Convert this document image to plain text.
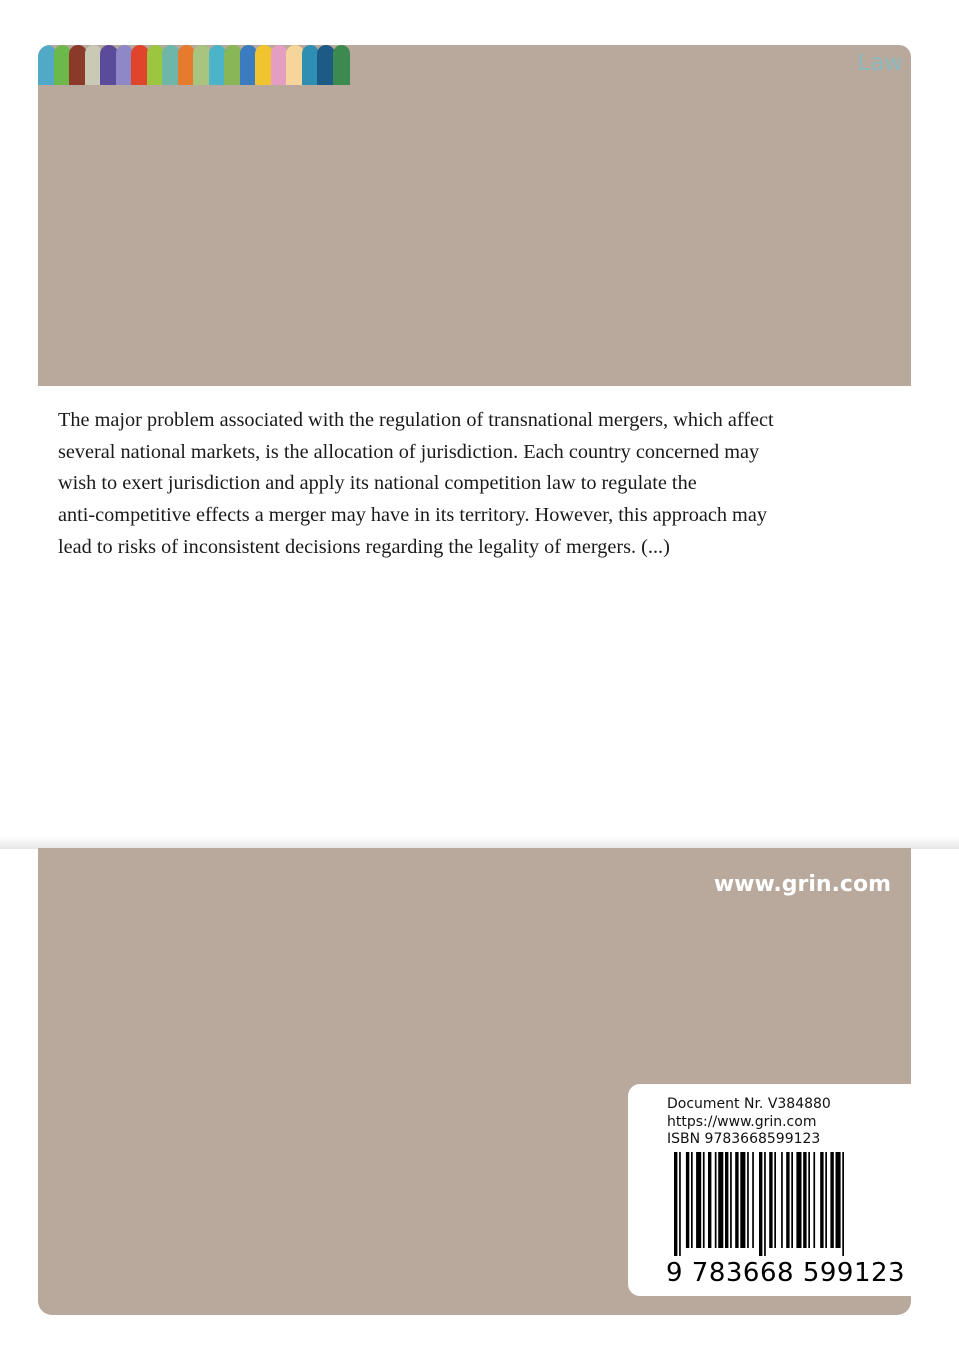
Law

The major problem associated with the regulation of transnational mergers, which affect

several national markets, is the allocation of jurisdiction. Each country concerned may

wish to exert jurisdiction and apply its national competition law to regulate the

anti-competitive effects a merger may have in its territory. However, this approach may

lead to risks of inconsistent decisions regarding the legality of mergers. (...)

www.grin.com
Document Nr. V384880
https://www.grin.com
ISBN 9783668599123
9 783668 599123
